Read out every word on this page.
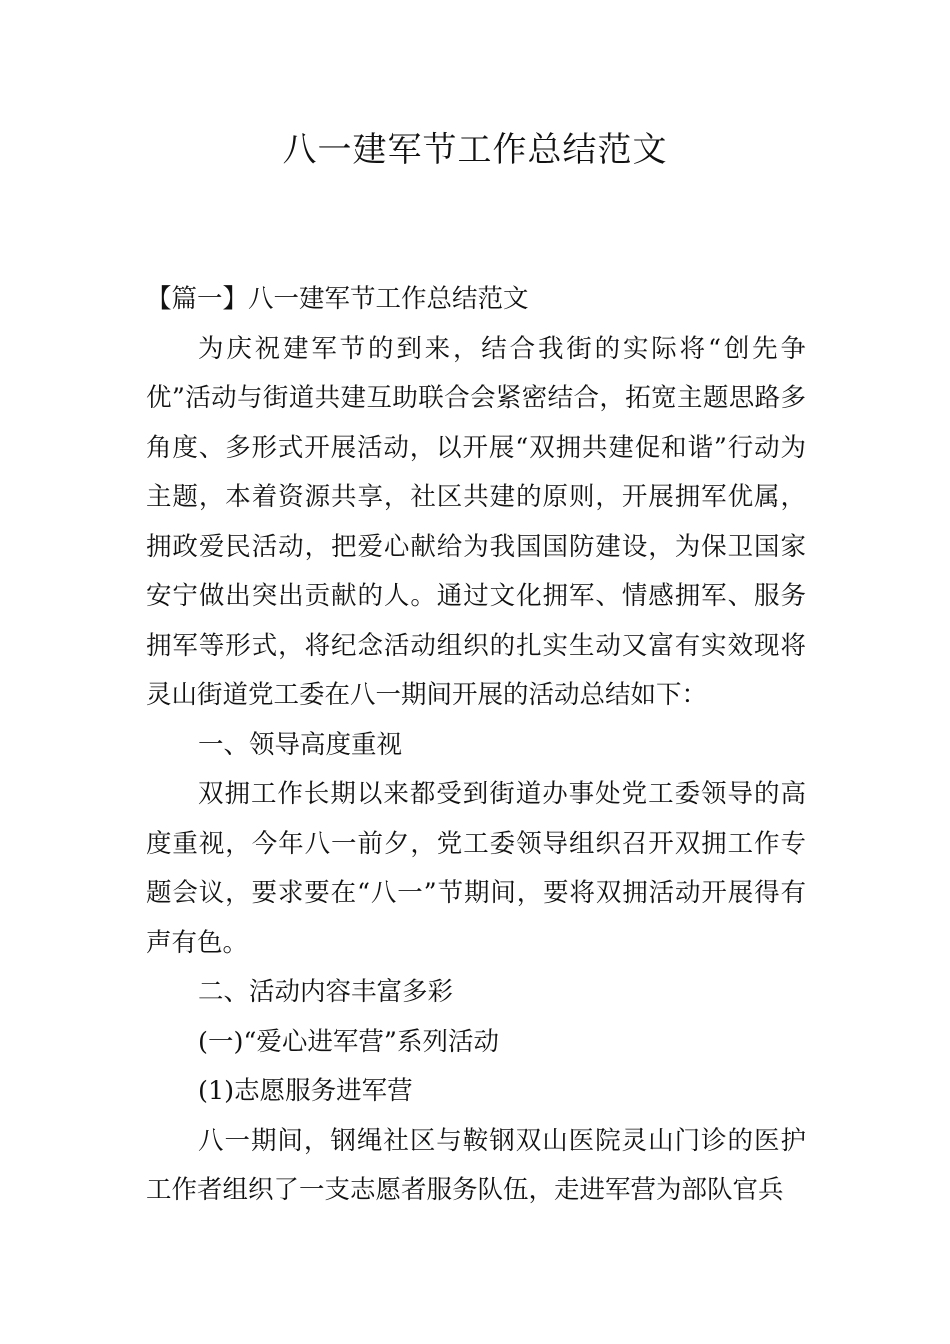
八一建军节工作总结范文

【篇一】八一建军节工作总结范文

为庆祝建军节的到来，结合我街的实际将“创先争优”活动与街道共建互助联合会紧密结合，拓宽主题思路多角度、多形式开展活动，以开展“双拥共建促和谐”行动为主题，本着资源共享，社区共建的原则，开展拥军优属，拥政爱民活动，把爱心献给为我国国防建设，为保卫国家安宁做出突出贡献的人。通过文化拥军、情感拥军、服务拥军等形式，将纪念活动组织的扎实生动又富有实效现将灵山街道党工委在八一期间开展的活动总结如下：

一、领导高度重视

双拥工作长期以来都受到街道办事处党工委领导的高度重视，今年八一前夕，党工委领导组织召开双拥工作专题会议，要求要在“八一”节期间，要将双拥活动开展得有声有色。

二、活动内容丰富多彩

(一)“爱心进军营”系列活动

(1)志愿服务进军营

八一期间，钢绳社区与鞍钢双山医院灵山门诊的医护工作者组织了一支志愿者服务队伍，走进军营为部队官兵
